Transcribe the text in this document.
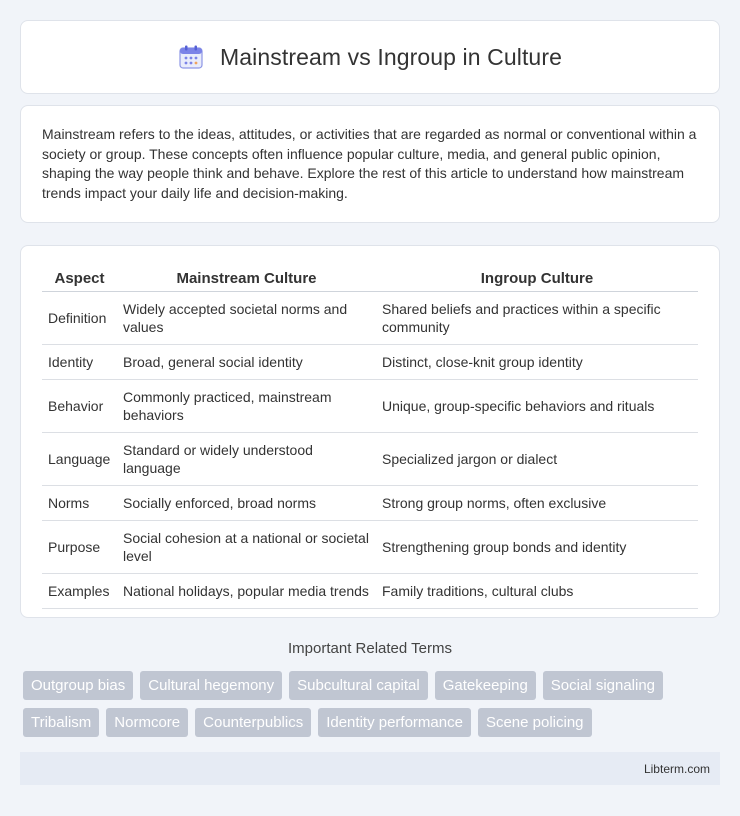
Mainstream vs Ingroup in Culture

Mainstream refers to the ideas, attitudes, or activities that are regarded as normal or conventional within a society or group. These concepts often influence popular culture, media, and general public opinion, shaping the way people think and behave. Explore the rest of this article to understand how mainstream trends impact your daily life and decision-making.

Aspect	Mainstream Culture	Ingroup Culture
Definition	Widely accepted societal norms and values	Shared beliefs and practices within a specific community
Identity	Broad, general social identity	Distinct, close-knit group identity
Behavior	Commonly practiced, mainstream behaviors	Unique, group-specific behaviors and rituals
Language	Standard or widely understood language	Specialized jargon or dialect
Norms	Socially enforced, broad norms	Strong group norms, often exclusive
Purpose	Social cohesion at a national or societal level	Strengthening group bonds and identity
Examples	National holidays, popular media trends	Family traditions, cultural clubs
Important Related Terms
Outgroup bias	Cultural hegemony	Subcultural capital	Gatekeeping	Social signaling
Tribalism	Normcore	Counterpublics	Identity performance	Scene policing
Libterm.com
